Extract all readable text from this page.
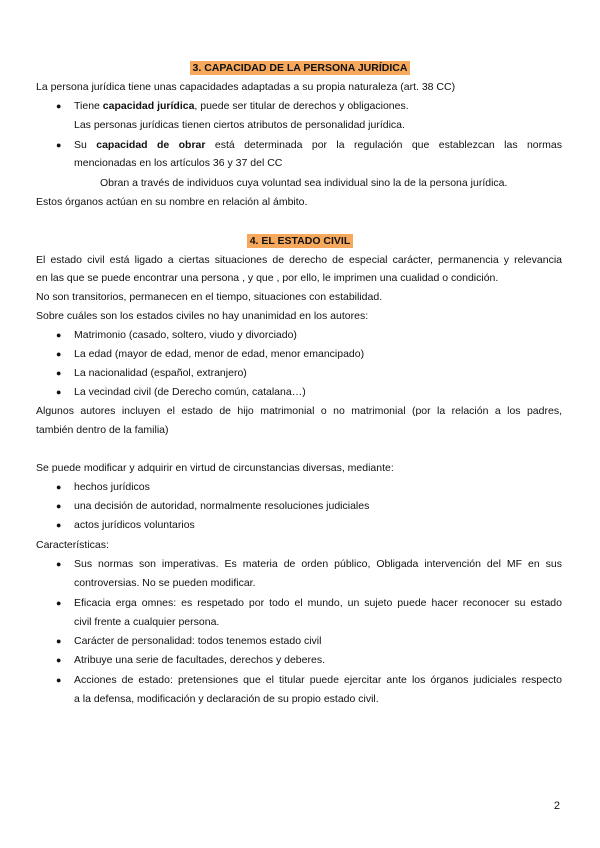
3. CAPACIDAD DE LA PERSONA JURÍDICA
La persona jurídica tiene unas capacidades adaptadas a su propia naturaleza (art. 38 CC)
● Tiene capacidad jurídica, puede ser titular de derechos y obligaciones.
Las personas jurídicas tienen ciertos atributos de personalidad jurídica.
● Su capacidad de obrar está determinada por la regulación que establezcan las normas
mencionadas en los artículos 36 y 37 del CC
Obran a través de individuos cuya voluntad sea individual sino la de la persona jurídica.
Estos órganos actúan en su nombre en relación al ámbito.
4. EL ESTADO CIVIL
El estado civil está ligado a ciertas situaciones de derecho de especial carácter, permanencia y relevancia
en las que se puede encontrar una persona , y que , por ello, le imprimen una cualidad o condición.
No son transitorios, permanecen en el tiempo, situaciones con estabilidad.
Sobre cuáles son los estados civiles no hay unanimidad en los autores:
● Matrimonio (casado, soltero, viudo y divorciado)
● La edad (mayor de edad, menor de edad, menor emancipado)
● La nacionalidad (español, extranjero)
● La vecindad civil (de Derecho común, catalana…)
Algunos autores incluyen el estado de hijo matrimonial o no matrimonial (por la relación a los padres,
también dentro de la familia)
Se puede modificar y adquirir en virtud de circunstancias diversas, mediante:
● hechos jurídicos
● una decisión de autoridad, normalmente resoluciones judiciales
● actos jurídicos voluntarios
Características:
● Sus normas son imperativas. Es materia de orden público, Obligada intervención del MF en sus
controversias. No se pueden modificar.
● Eficacia erga omnes: es respetado por todo el mundo, un sujeto puede hacer reconocer su estado
civil frente a cualquier persona.
● Carácter de personalidad: todos tenemos estado civil
● Atribuye una serie de facultades, derechos y deberes.
● Acciones de estado: pretensiones que el titular puede ejercitar ante los órganos judiciales respecto
a la defensa, modificación y declaración de su propio estado civil.
2
